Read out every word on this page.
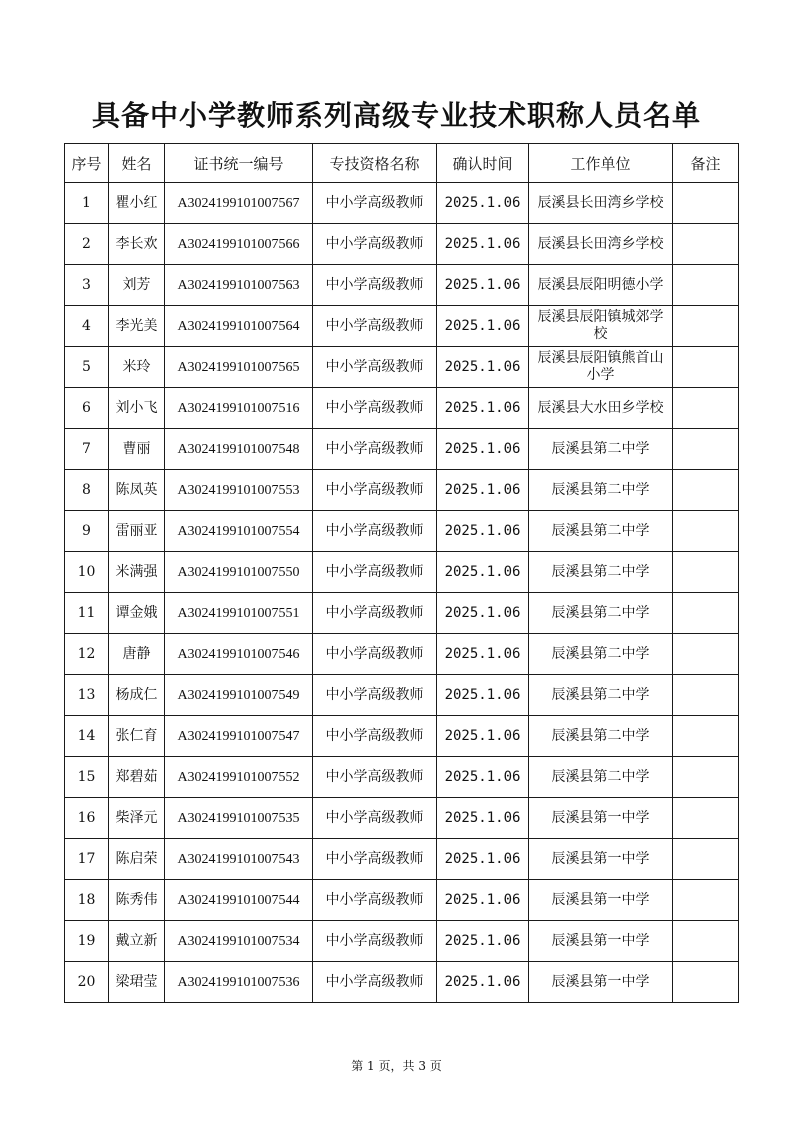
具备中小学教师系列高级专业技术职称人员名单
序号	姓名	证书统一编号	专技资格名称	确认时间	工作单位	备注
1	瞿小红	A3024199101007567	中小学高级教师	2025.1.06	辰溪县长田湾乡学校	
2	李长欢	A3024199101007566	中小学高级教师	2025.1.06	辰溪县长田湾乡学校	
3	刘芳	A3024199101007563	中小学高级教师	2025.1.06	辰溪县辰阳明德小学	
4	李光美	A3024199101007564	中小学高级教师	2025.1.06	辰溪县辰阳镇城郊学校	
5	米玲	A3024199101007565	中小学高级教师	2025.1.06	辰溪县辰阳镇熊首山小学	
6	刘小飞	A3024199101007516	中小学高级教师	2025.1.06	辰溪县大水田乡学校	
7	曹丽	A3024199101007548	中小学高级教师	2025.1.06	辰溪县第二中学	
8	陈凤英	A3024199101007553	中小学高级教师	2025.1.06	辰溪县第二中学	
9	雷丽亚	A3024199101007554	中小学高级教师	2025.1.06	辰溪县第二中学	
10	米满强	A3024199101007550	中小学高级教师	2025.1.06	辰溪县第二中学	
11	谭金娥	A3024199101007551	中小学高级教师	2025.1.06	辰溪县第二中学	
12	唐静	A3024199101007546	中小学高级教师	2025.1.06	辰溪县第二中学	
13	杨成仁	A3024199101007549	中小学高级教师	2025.1.06	辰溪县第二中学	
14	张仁育	A3024199101007547	中小学高级教师	2025.1.06	辰溪县第二中学	
15	郑碧茹	A3024199101007552	中小学高级教师	2025.1.06	辰溪县第二中学	
16	柴泽元	A3024199101007535	中小学高级教师	2025.1.06	辰溪县第一中学	
17	陈启荣	A3024199101007543	中小学高级教师	2025.1.06	辰溪县第一中学	
18	陈秀伟	A3024199101007544	中小学高级教师	2025.1.06	辰溪县第一中学	
19	戴立新	A3024199101007534	中小学高级教师	2025.1.06	辰溪县第一中学	
20	梁珺莹	A3024199101007536	中小学高级教师	2025.1.06	辰溪县第一中学	
第 1 页，共 3 页
